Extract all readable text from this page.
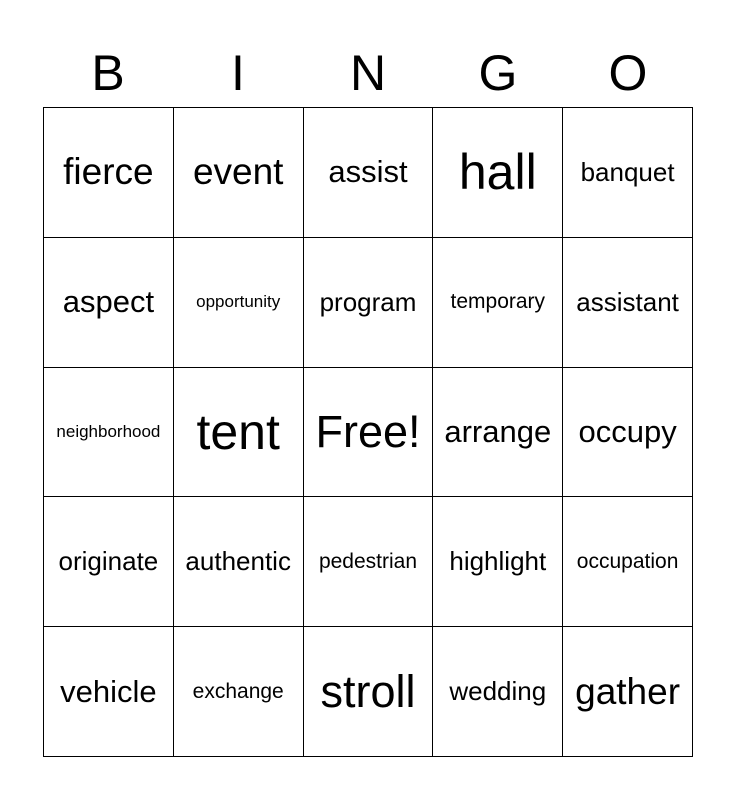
B	I	N	G	O
fierce event assist hall banquet
aspect opportunity program temporary assistant
neighborhood tent Free! arrange occupy
originate authentic pedestrian highlight occupation
vehicle exchange stroll wedding gather
